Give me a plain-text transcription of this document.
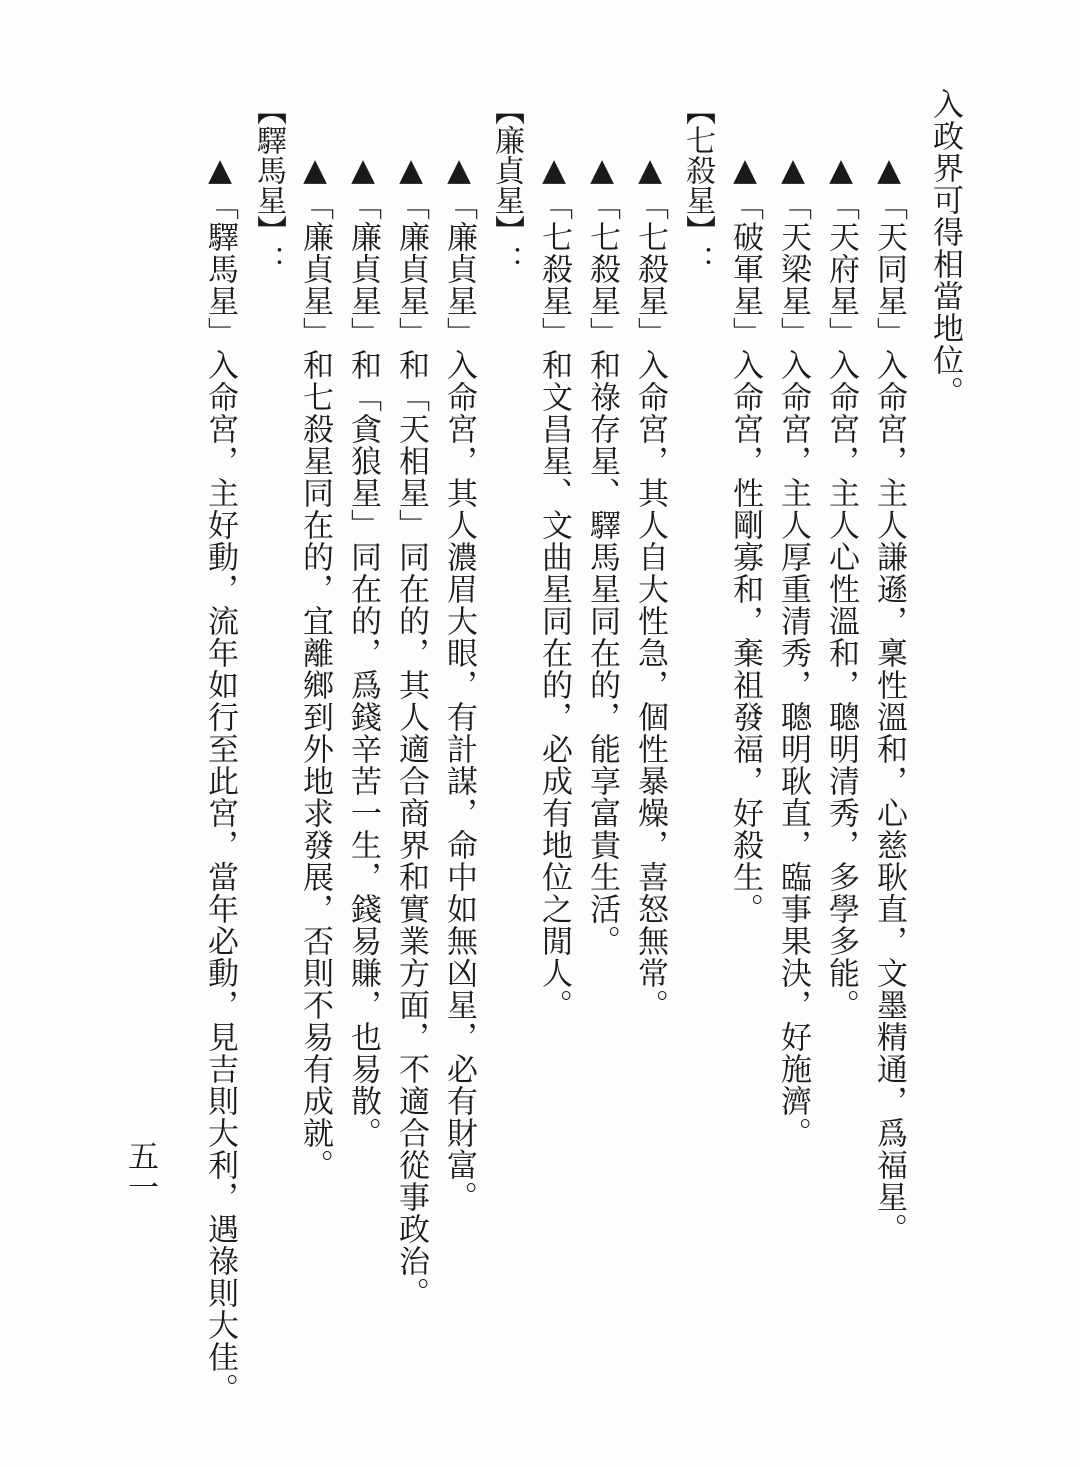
入政界可得相當地位。
▲「天同星」入命宮，主人謙遜，稟性溫和，心慈耿直，文墨精通，爲福星。
▲「天府星」入命宮，主人心性溫和，聰明清秀，多學多能。
▲「天梁星」入命宮，主人厚重清秀，聰明耿直，臨事果決，好施濟。
▲「破軍星」入命宮，性剛寡和，棄祖發福，好殺生。
【七殺星】：
▲「七殺星」入命宮，其人自大性急，個性暴燥，喜怒無常。
▲「七殺星」和祿存星、驛馬星同在的，能享富貴生活。
▲「七殺星」和文昌星、文曲星同在的，必成有地位之閒人。
【廉貞星】：
▲「廉貞星」入命宮，其人濃眉大眼，有計謀，命中如無凶星，必有財富。
▲「廉貞星」和「天相星」同在的，其人適合商界和實業方面，不適合從事政治。
▲「廉貞星」和「貪狼星」同在的，爲錢辛苦一生，錢易賺，也易散。
▲「廉貞星」和七殺星同在的，宜離鄉到外地求發展，否則不易有成就。
【驛馬星】：
▲「驛馬星」入命宮，主好動，流年如行至此宮，當年必動，見吉則大利，遇祿則大佳。
五一
